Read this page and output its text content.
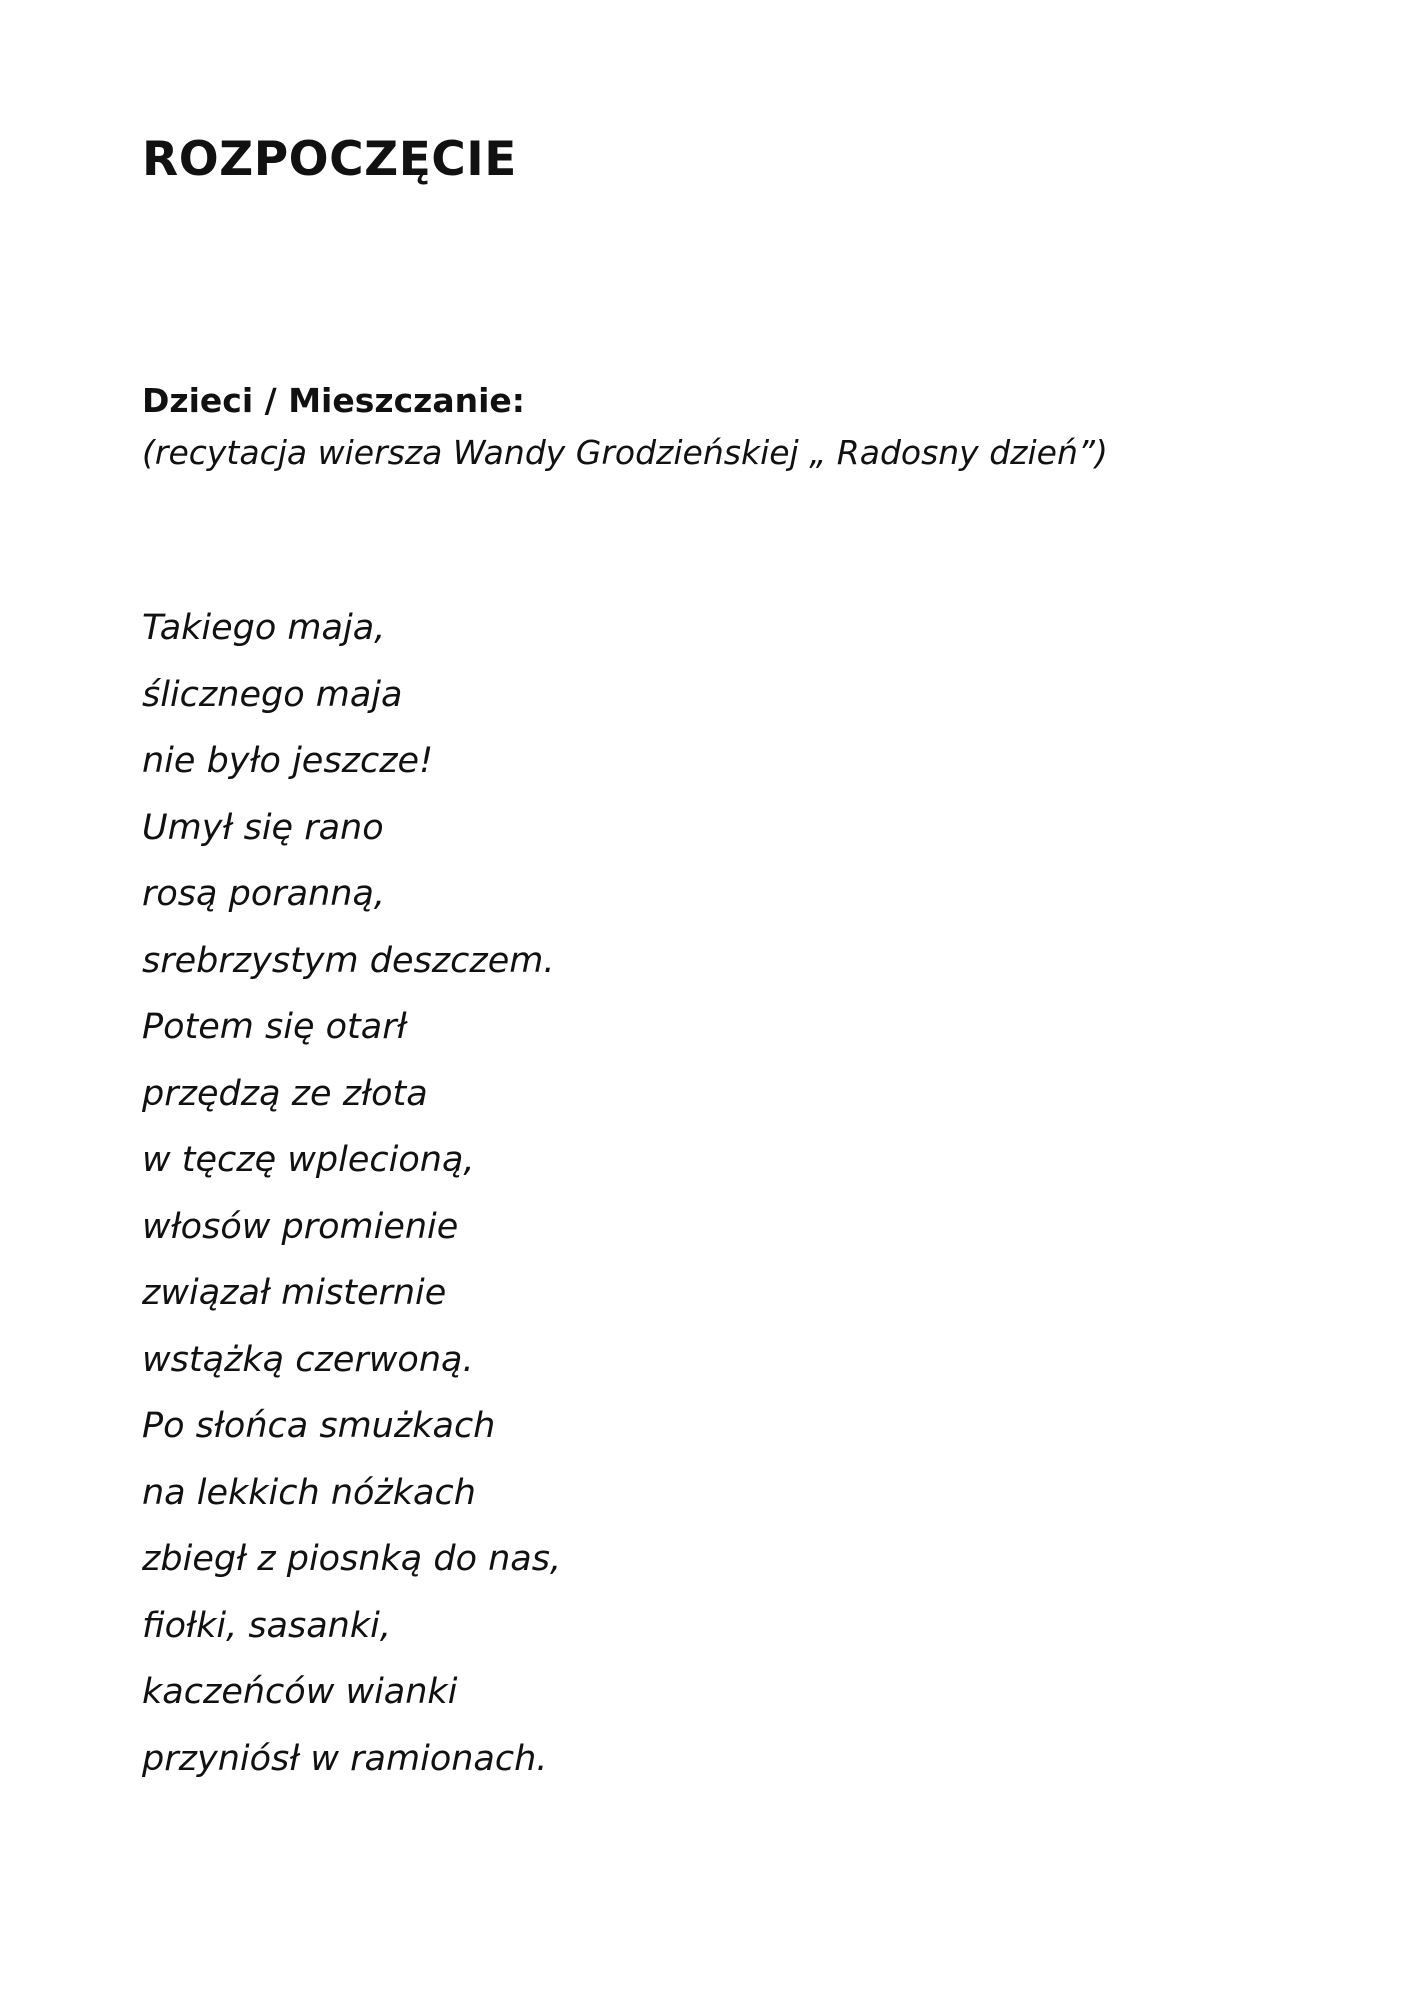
ROZPOCZĘCIE

Dzieci / Mieszczanie:

(recytacja wiersza Wandy Grodzieńskiej „ Radosny dzień”)

Takiego maja,
ślicznego maja
nie było jeszcze!
Umył się rano
rosą poranną,
srebrzystym deszczem.
Potem się otarł
przędzą ze złota
w tęczę wplecioną,
włosów promienie
związał misternie
wstążką czerwoną.
Po słońca smużkach
na lekkich nóżkach
zbiegł z piosnką do nas,
fiołki, sasanki,
kaczeńców wianki
przyniósł w ramionach.
